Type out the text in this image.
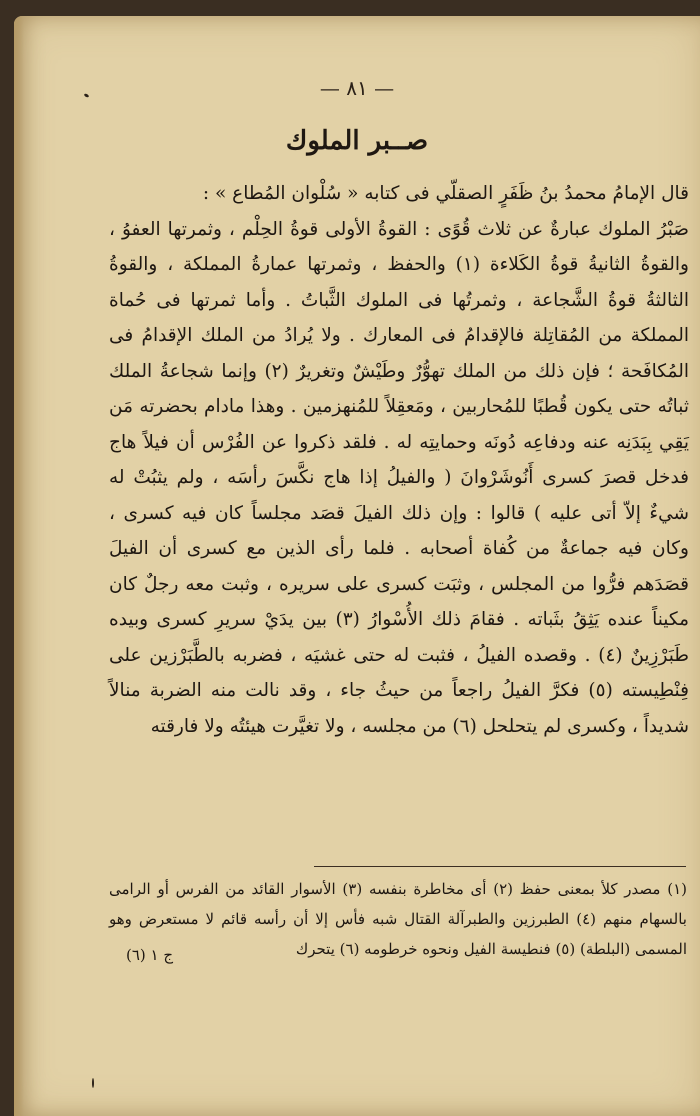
— ٨١ —
صــبر الملوك

قال الإمامُ محمدُ بنُ ظَفَرٍ الصقلّي فى كتابه « سُلْوان المُطاع » :

صَبْرُ الملوك عبارةٌ عن ثلاث قُوًى : القوةُ الأولى قوةُ الحِلْم ، وثمرتها العفوُ ، والقوةُ الثانيةُ قوةُ الكَلاءة (١) والحفظ ، وثمرتها عمارةُ المملكة ، والقوةُ الثالثةُ قوةُ الشَّجاعة ، وثمرتُها فى الملوك الثَّباتُ . وأما ثمرتها فى حُماة المملكة من المُقاتِلة فالإقدامُ فى المعارك . ولا يُرادُ من الملك الإقدامُ فى المُكافَحة ؛ فإن ذلك من الملك تهوُّرٌ وطَيْشٌ وتغريرٌ (٢) وإنما شجاعةُ الملك ثباتُه حتى يكون قُطبًا للمُحاربين ، ومَعقِلاً للمُنهزمين . وهذا مادام بحضرته مَن يَقِي بِبَدَنِه عنه ودفاعِه دُونَه وحمايتِه له . فلقد ذكروا عن الفُرْس أن فيلاً هاج فدخل قصرَ كسرى أَنُوشَرْوانَ ( والفيلُ إذا هاج نكَّسَ رأسَه ، ولم يثبُتْ له شيءٌ إلاّ أتى عليه ) قالوا : وإن ذلك الفيلَ قصَد مجلساً كان فيه كسرى ، وكان فيه جماعةٌ من كُفاة أصحابه . فلما رأى الذين مع كسرى أن الفيلَ قصَدَهم فرُّوا من المجلس ، وثبَت كسرى على سريره ، وثبت معه رجلٌ كان مكيناً عنده يَثِقُ بثَباته . فقامَ ذلك الأُسْوارُ (٣) بين يدَيْ سريرِ كسرى وبيده طَبَرْزِينٌ (٤) . وقصده الفيلُ ، فثبت له حتى غشيَه ، فضربه بالطَّبَرْزين على فِنْطِيسته (٥) فكرَّ الفيلُ راجعاً من حيثُ جاء ، وقد نالت منه الضربة منالاً شديداً ، وكسرى لم يتحلحل (٦) من مجلسه ، ولا تغيَّرت هيئتُه ولا فارقته

(١) مصدر كلأ بمعنى حفظ (٢) أى مخاطرة بنفسه (٣) الأسوار القائد من الفرس أو الرامى بالسهام منهم (٤) الطبرزين والطبرآلة القتال شبه فأس إلا أن رأسه قائم لا مستعرض وهو المسمى (البلطة) (٥) فنطيسة الفيل ونحوه خرطومه (٦) يتحرك

ج ١ (٦)
